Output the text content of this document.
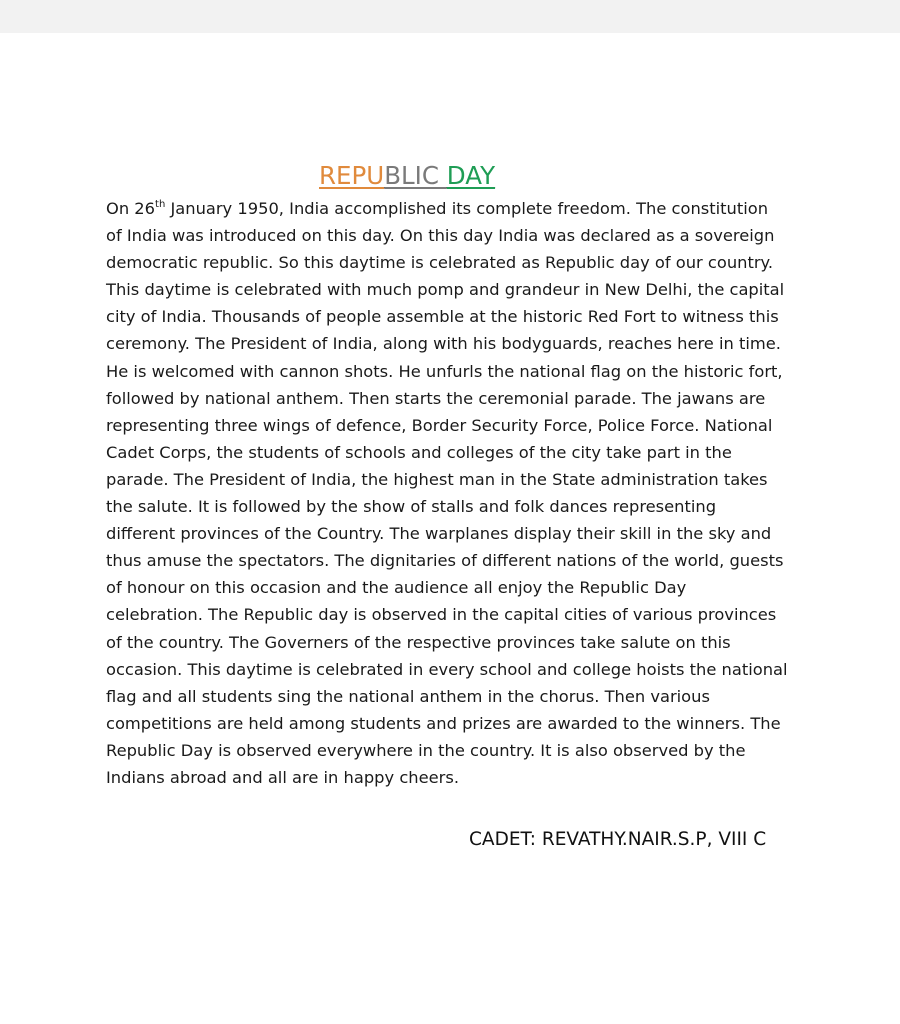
REPUBLIC DAY
On 26th January 1950, India accomplished its complete freedom. The constitution
of India was introduced on this day. On this day India was declared as a sovereign
democratic republic. So this daytime is celebrated as Republic day of our country.
This daytime is celebrated with much pomp and grandeur in New Delhi, the capital
city of India. Thousands of people assemble at the historic Red Fort to witness this
ceremony. The President of India, along with his bodyguards, reaches here in time.
He is welcomed with cannon shots. He unfurls the national flag on the historic fort,
followed by national anthem. Then starts the ceremonial parade. The jawans are
representing three wings of defence, Border Security Force, Police Force. National
Cadet Corps, the students of schools and colleges of the city take part in the
parade. The President of India, the highest man in the State administration takes
the salute. It is followed by the show of stalls and folk dances representing
different provinces of the Country. The warplanes display their skill in the sky and
thus amuse the spectators. The dignitaries of different nations of the world, guests
of honour on this occasion and the audience all enjoy the Republic Day
celebration. The Republic day is observed in the capital cities of various provinces
of the country. The Governers of the respective provinces take salute on this
occasion. This daytime is celebrated in every school and college hoists the national
flag and all students sing the national anthem in the chorus. Then various
competitions are held among students and prizes are awarded to the winners. The
Republic Day is observed everywhere in the country. It is also observed by the
Indians abroad and all are in happy cheers.
CADET: REVATHY.NAIR.S.P, VIII C
